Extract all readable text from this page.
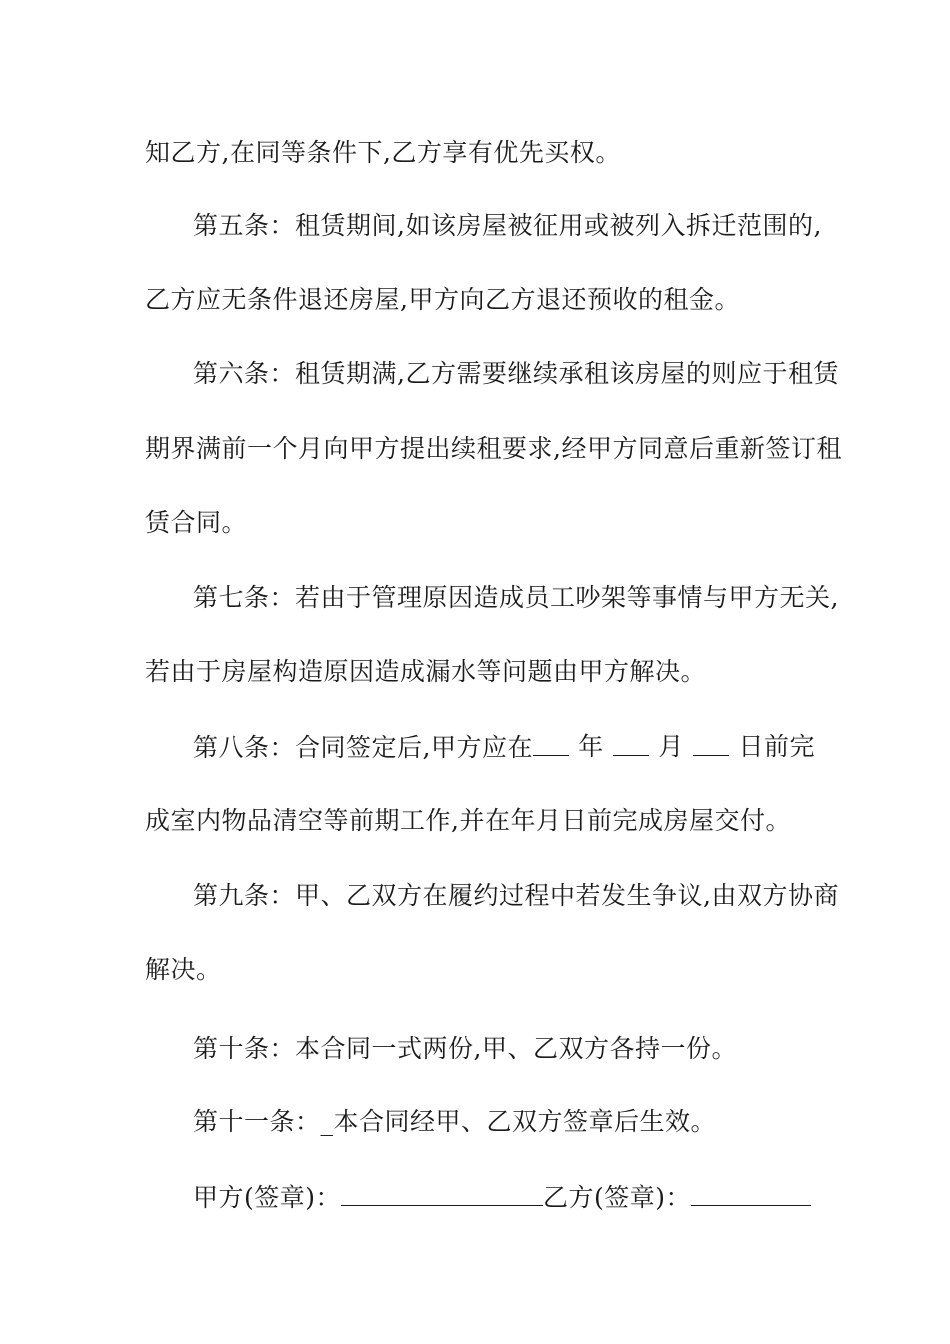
知乙方,在同等条件下,乙方享有优先买权。
第五条：租赁期间,如该房屋被征用或被列入拆迁范围的,
乙方应无条件退还房屋,甲方向乙方退还预收的租金。
第六条：租赁期满,乙方需要继续承租该房屋的则应于租赁
期界满前一个月向甲方提出续租要求,经甲方同意后重新签订租
赁合同。
第七条：若由于管理原因造成员工吵架等事情与甲方无关,
若由于房屋构造原因造成漏水等问题由甲方解决。
第八条：合同签定后,甲方应在	年 月 日前完
成室内物品清空等前期工作,并在年月日前完成房屋交付。
第九条：甲、乙双方在履约过程中若发生争议,由双方协商
解决。
第十条：本合同一式两份,甲、乙双方各持一份。
第十一条：_本合同经甲、乙双方签章后生效。
甲方(签章)：	乙方(签章)：
